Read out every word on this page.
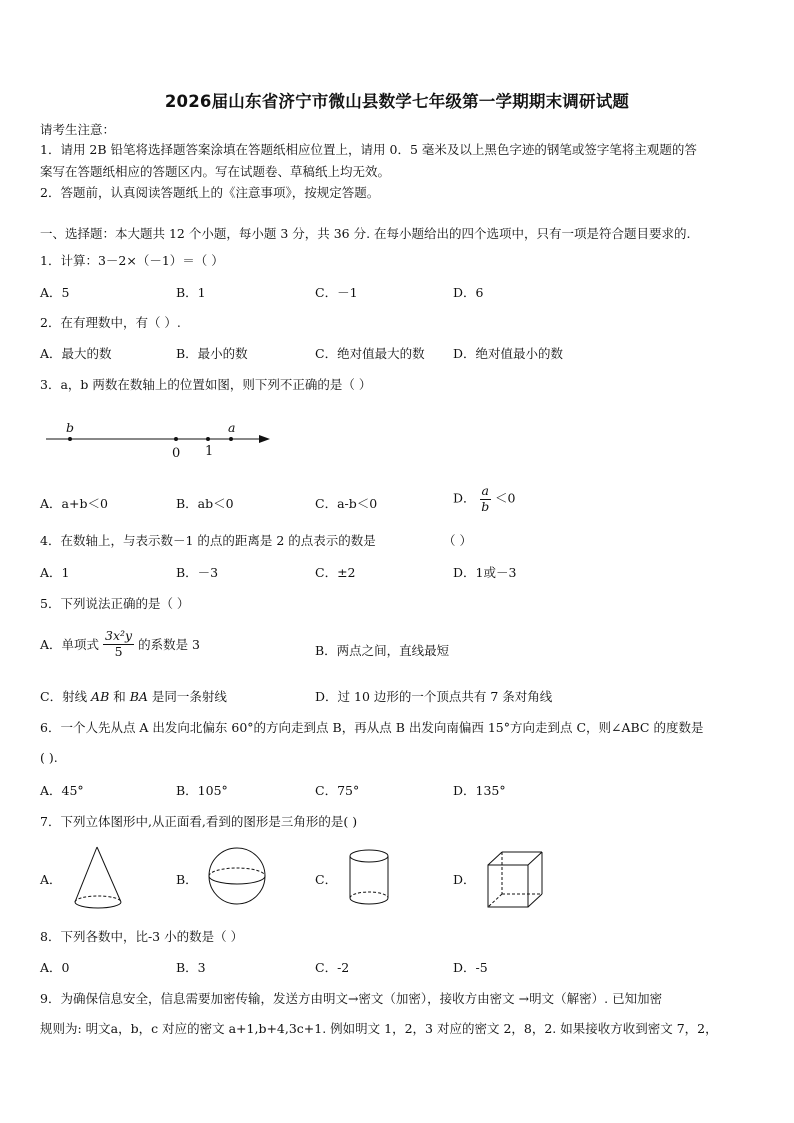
2026届山东省济宁市微山县数学七年级第一学期期末调研试题
请考生注意：
1．请用 2B 铅笔将选择题答案涂填在答题纸相应位置上，请用 0．5 毫米及以上黑色字迹的钢笔或签字笔将主观题的答
案写在答题纸相应的答题区内。写在试题卷、草稿纸上均无效。
2．答题前，认真阅读答题纸上的《注意事项》，按规定答题。
一、选择题：本大题共 12 个小题，每小题 3 分，共 36 分. 在每小题给出的四个选项中，只有一项是符合题目要求的.
1．计算：3－2×（－1）＝（ ）
A．5	B．1	C．－1	D．6
2．在有理数中，有（ ）.
A．最大的数	B．最小的数	C．绝对值最大的数 D．绝对值最小的数
3．a，b 两数在数轴上的位置如图，则下列不正确的是（ ）
b	a
0 1
A．a+b＜0	B．ab＜0	C．a-b＜0	D． $\frac{a}{b} <0$
4．在数轴上，与表示数－1 的点的距离是 2 的点表示的数是	（ ）
A．1	B．－3	C．±2	D．1或－3
5．下列说法正确的是（ ）
A．单项式 $\frac{\text{3x²y}}{5}$ 的系数是 3	B．两点之间，直线最短
C．射线 AB 和 BA 是同一条射线	D．过 10 边形的一个顶点共有 7 条对角线
6．一个人先从点 A 出发向北偏东 60°的方向走到点 B，再从点 B 出发向南偏西 15°方向走到点 C，则∠ABC 的度数是
( ).
A．45°	B．105°	C．75°	D．135°
7．下列立体图形中,从正面看,看到的图形是三角形的是( )
A．	B．	C．	D．
8．下列各数中，比-3 小的数是（ ）
A．0	B．3	C．-2	D．-5
9．为确保信息安全，信息需要加密传输，发送方由明文→密文（加密），接收方由密文 →明文（解密）. 已知加密
规则为: 明文a，b，c 对应的密文 a+1,b+4,3c+1. 例如明文 1，2，3 对应的密文 2，8，2. 如果接收方收到密文 7，2，
